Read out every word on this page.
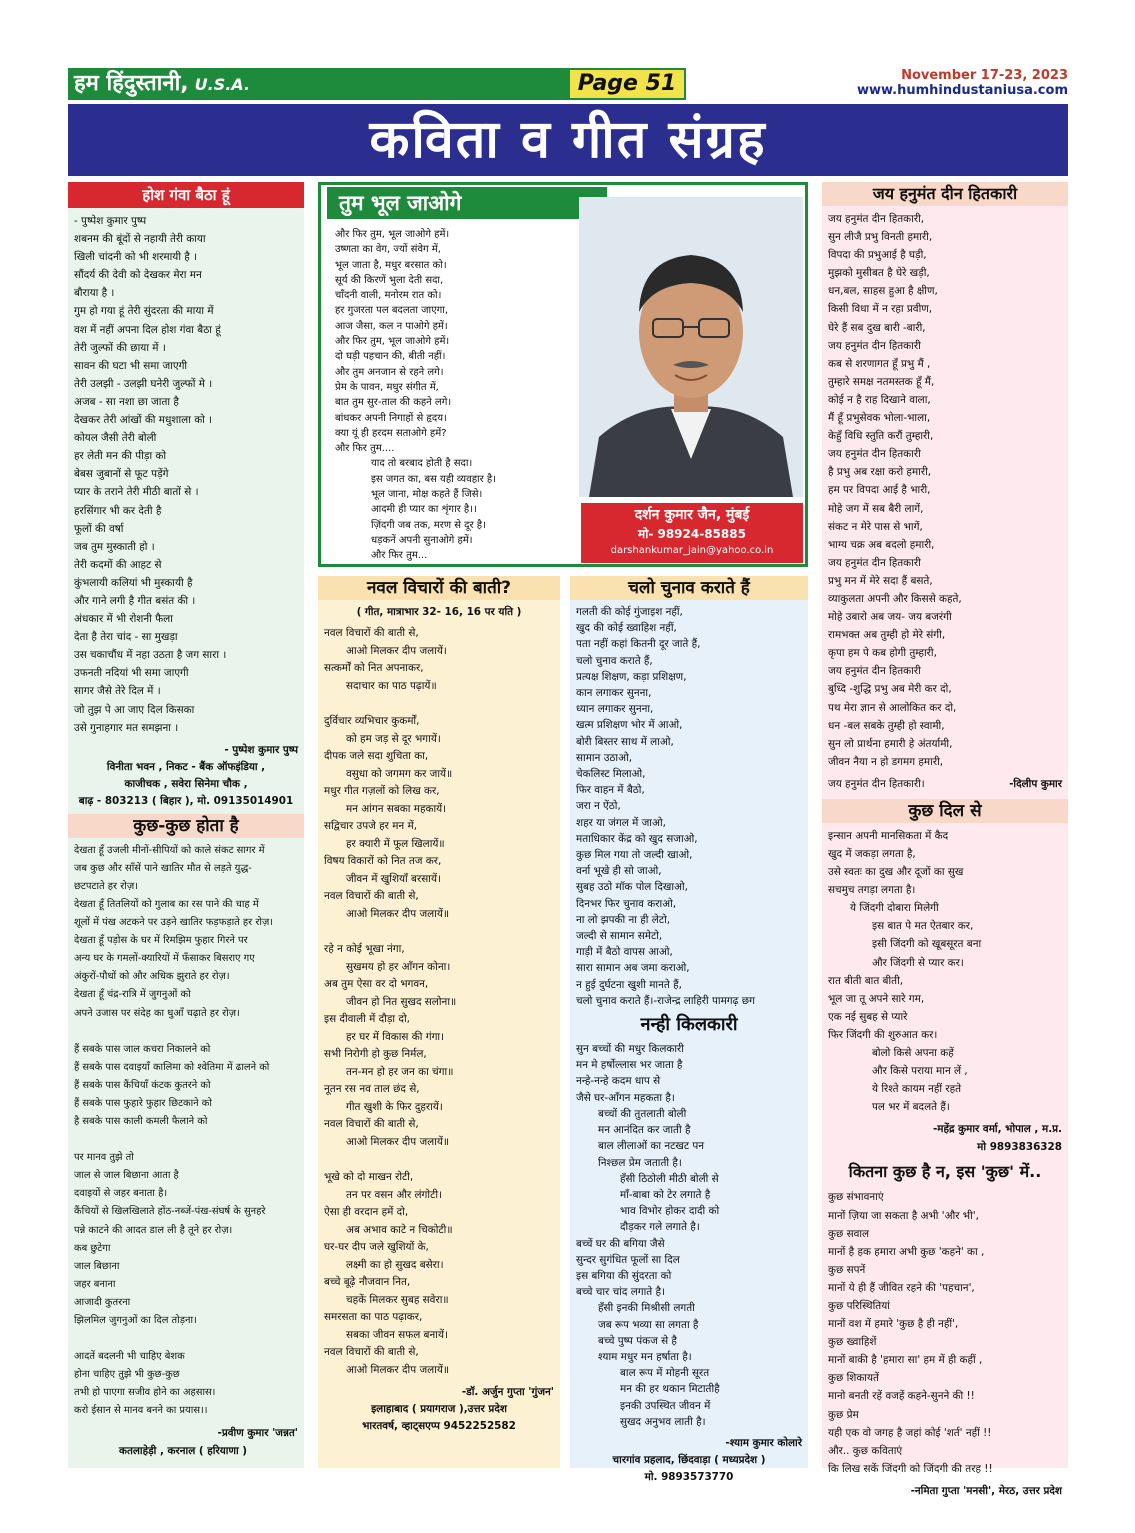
हम हिंदुस्तानी, U.S.A.	Page 51	November 17-23, 2023
www.humhindustaniusa.com
कविता व गीत संग्रह
होश गंवा बैठा हूं
- पुष्पेश कुमार पुष्प
शबनम की बूंदों से नहायी तेरी काया
खिली चांदनी को भी शरमायी है ।
सौंदर्य की देवी को देखकर मेरा मन
बौराया है ।
गुम हो गया हूं तेरी सुंदरता की माया में
वश में नहीं अपना दिल होश गंवा बैठा हूं
तेरी जुल्फों की छाया में ।
सावन की घटा भी समा जाएगी
तेरी उलझी - उलझी घनेरी जुल्फों मे ।
अजब - सा नशा छा जाता है
देखकर तेरी आंखों की मधुशाला को ।
कोयल जैसी तेरी बोली
हर लेती मन की पीड़ा को
बेबस जुबानों से फूट पड़ेंगे
प्यार के तराने तेरी मीठी बातों से ।
हरसिंगार भी कर देती है
फूलों की वर्षा
जब तुम मुस्काती हो ।
तेरी कदमों की आहट से
कुंभलायी कलियां भी मुस्कायी है
और गाने लगी है गीत बसंत की ।
अंधकार में भी रोशनी फैला
देता है तेरा चांद - सा मुखड़ा
उस चकाचौंध में नहा उठता है जग सारा ।
उफनती नदियां भी समा जाएगी
सागर जैसे तेरे दिल में ।
जो तुझ पे आ जाए दिल किसका
उसे गुनाहगार मत समझना ।
- पुष्पेश कुमार पुष्प
विनीता भवन , निकट - बैंक ऑफइंडिया ,
काजीचक , सवेरा सिनेमा चौक ,
बाढ़ - 803213 ( बिहार ), मो. 09135014901
कुछ-कुछ होता है
देखता हूँ उजली मीनों-सीपियों को काले संकट सागर में
जब कुछ और साँसें पाने खातिर मौत से लड़ते युद्ध-
छटपटाते हर रोज़।
देखता हूँ तितलियों को गुलाब का रस पाने की चाह में
शूलों में पंख अटकने पर उड़ने खातिर फड़फड़ाते हर रोज़।
देखता हूँ पड़ोस के घर में रिमझिम फुहार गिरने पर
अन्य घर के गमलों-क्यारियों में फँसाकर बिसराए गए
अंकुरों-पौधों को और अधिक झुराते हर रोज़।
देखता हूँ चंद्र-रात्रि में जुगनुओं को
अपने उजास पर संदेह का धुआँ चढ़ाते हर रोज़।
हैं सबके पास जाल कचरा निकालने को
हैं सबके पास दवाइयाँ कालिमा को श्वेतिमा में ढालने को
हैं सबके पास कैंचियाँ कंटक कुतरने को
हैं सबके पास फुहारे फुहार छिटकाने को
है सबके पास काली कमली फैलाने को
पर मानव तुझे तो
जाल से जाल बिछाना आता है
दवाइयों से जहर बनाता है।
कैंचियों से खिलखिलाते होंठ-नब्जें-पंख-संघर्ष के सुनहरे
पन्ने काटने की आदत डाल ली है तूने हर रोज़।
कब छुटेगा
जाल बिछाना
जहर बनाना
आजादी कुतरना
झिलमिल जुगनुओं का दिल तोड़ना।
आदतें बदलनी भी चाहिए बेशक
होना चाहिए तुझे भी कुछ-कुछ
तभी हो पाएगा सजीव होने का अहसास।
करो ईसान से मानव बनने का प्रयास।।
-प्रवीण कुमार 'जन्नत'
कतलाहेड़ी , करनाल ( हरियाणा )
तुम भूल जाओगे
और फिर तुम, भूल जाओगे हमें।
उष्णता का वेग, ज्यों संवेग में,
भूल जाता है, मधुर बरसात को।
सूर्य की किरणें भुला देती सदा,
चाँदनी वाली, मनोरम रात को।
हर गुजरता पल बदलता जाएगा,
आज जैसा, कल न पाओगे हमें।
और फिर तुम, भूल जाओगे हमें।
दो घड़ी पहचान की, बीती नहीं।
और तुम अनजान से रहने लगे।
प्रेम के पावन, मधुर संगीत में,
बात तुम सुर-ताल की कहने लगे।
बांधकर अपनी निगाहों से हृदय।
क्या यूं ही हरदम सताओगे हमें?
और फिर तुम....
याद तो बरबाद होती है सदा।
इस जगत का, बस यही व्यवहार है।
भूल जाना, मोक्ष कहते हैं जिसे।
आदमी ही प्यार का शृंगार है।।
ज़िंदगी जब तक, मरण से दूर है।
धड़कनें अपनी सुनाओगे हमें।
और फिर तुम...
दर्शन कुमार जैन, मुंबई
मो- 98924-85885
darshankumar_jain@yahoo.co.in
नवल विचारों की बाती?
( गीत, मात्राभार 32- 16, 16 पर यति )
नवल विचारों की बाती से,
आओ मिलकर दीप जलायें।
सत्कर्मों को नित अपनाकर,
सदाचार का पाठ पढ़ायें॥
दुर्विचार व्यभिचार कुकर्मों,
को हम जड़ से दूर भगायें।
दीपक जले सदा शुचिता का,
वसुधा को जगमग कर जायें॥
मधुर गीत गज़लों को लिख कर,
मन आंगन सबका महकायें।
सद्विचार उपजे हर मन में,
हर क्यारी में फूल खिलायें॥
विषय विकारों को नित तज कर,
जीवन में खुशियाँ बरसायें।
नवल विचारों की बाती से,
आओ मिलकर दीप जलायें॥
रहे न कोई भूखा नंगा,
सुखमय हो हर आँगन कोना।
अब तुम ऐसा वर दो भगवन,
जीवन हो नित सुखद सलोना॥
इस दीवाली में दौड़ा दो,
हर घर में विकास की गंगा।
सभी निरोगी हो कुछ निर्मल,
तन-मन हो हर जन का चंगा॥
नूतन रस नव ताल छंद से,
गीत खुशी के फिर दुहरायें।
नवल विचारों की बाती से,
आओ मिलकर दीप जलायें॥
भूखे को दो माखन रोटी,
तन पर वसन और लंगोटी।
ऐसा ही वरदान हमें दो,
अब अभाव काटे न चिकोटी॥
घर-घर दीप जले खुशियों के,
लक्ष्मी का हो सुखद बसेरा।
बच्चे बूढ़े नौजवान नित,
चहकें मिलकर सुबह सवेरा॥
समरसता का पाठ पढ़ाकर,
सबका जीवन सफल बनायें।
नवल विचारों की बाती से,
आओ मिलकर दीप जलायें॥
-डॉ. अर्जुन गुप्ता 'गुंजन'
इलाहाबाद ( प्रयागराज ),उत्तर प्रदेश
भारतवर्ष, व्हाट्सएप्प 9452252582
चलो चुनाव कराते हैं
गलती की कोई गुंजाइश नहीं,
खुद की कोई ख्वाहिश नहीं,
पता नहीं कहां कितनी दूर जाते हैं,
चलो चुनाव कराते हैं,
प्रत्यक्ष शिक्षण, कड़ा प्रशिक्षण,
कान लगाकर सुनना,
ध्यान लगाकर सुनना,
खत्म प्रशिक्षण भोर में आओ,
बोरी बिस्तर साथ में लाओ,
सामान उठाओ,
चेकलिस्ट मिलाओ,
फिर वाहन में बैठो,
जरा न ऐंठो,
शहर या जंगल में जाओ,
मताधिकार केंद्र को खुद सजाओ,
कुछ मिल गया तो जल्दी खाओ,
वर्ना भूखे ही सो जाओ,
सुबह उठो मॉक पोल दिखाओ,
दिनभर फिर चुनाव कराओ,
ना लो झपकी ना ही लेटो,
जल्दी से सामान समेटो,
गाड़ी में बैठो वापस आओ,
सारा सामान अब जमा कराओ,
न हुई दुर्घटना खुशी मानते हैं,
चलो चुनाव कराते हैं।-राजेन्द्र लाहिरी पामगढ़ छग
नन्ही किलकारी
सुन बच्चों की मधुर किलकारी
मन मे हर्षोल्लास भर जाता है
नन्हे-नन्हे कदम धाप से
जैसे घर-आँगन महकता है।
बच्चों की तुतलाती बोली
मन आनंदित कर जाती है
बाल लीलाओं का नटखट पन
निश्छल प्रेम जताती है।
हँसी ठिठोली मीठी बोली से
माँ-बाबा को टेर लगाते है
भाव विभोर होकर दादी को
दौड़कर गले लगाते है।
बच्चें घर की बगिया जैसे
सुन्दर सुगंधित फूलों सा दिल
इस बगिया की सुंदरता को
बच्चे चार चांद लगाते है।
हँसी इनकी मिश्रीसी लगती
जब रूप भव्या सा लगता है
बच्चे पुष्प पंकज से है
श्याम मधुर मन हर्षाता है।
बाल रूप में मोहनी सूरत
मन की हर थकान मिटातीहै
इनकी उपस्थित जीवन में
सुखद अनुभव लाती है।
-श्याम कुमार कोलारे
चारगांव प्रहलाद, छिंदवाड़ा ( मध्यप्रदेश )
मो. 9893573770
जय हनुमंत दीन हितकारी
जय हनुमंत दीन हितकारी,
सुन लीजै प्रभु विनती हमारी,
विपदा की प्रभुआई है घड़ी,
मुझको मुसीबत है घेरे खड़ी,
धन,बल, साहस हुआ है क्षीण,
किसी विधा में न रहा प्रवीण,
घेरे हैं सब दुख बारी -बारी,
जय हनुमंत दीन हितकारी
कब से शरणागत हूँ प्रभु मैं ,
तुम्हारे समक्ष नतमस्तक हूँ मैं,
कोई न है राह दिखाने वाला,
मैं हूँ प्रभुसेवक भोला-भाला,
केहुँ विधि स्तुति करौं तुम्हारी,
जय हनुमंत दीन हितकारी
है प्रभु अब रक्षा करो हमारी,
हम पर विपदा आई है भारी,
मोहे जग में सब बैरी लागें,
संकट न मेरे पास से भागें,
भाग्य चक्र अब बदलो हमारी,
जय हनुमंत दीन हितकारी
प्रभु मन में मेरे सदा हैं बसते,
व्याकुलता अपनी और किससे कहते,
मोहे उबारो अब जय- जय बजरंगी
रामभक्त अब तुम्ही हो मेरे संगी,
कृपा हम पे कब होगी तुम्हारी,
जय हनुमंत दीन हितकारी
बुध्दि -शुद्धि प्रभु अब मेरी कर दो,
पथ मेरा ज्ञान से आलोकित कर दो,
धन -बल सबके तुम्ही हो स्वामी,
सुन लो प्रार्थना हमारी हे अंतर्यामी,
जीवन नैया न हो डगमग हमारी,
जय हनुमंत दीन हितकारी।	-दिलीप कुमार
कुछ दिल से
इन्सान अपनी मानसिकता में कैद
खुद में जकड़ा लगता है,
उसे स्वतः का दुख और दूजों का सुख
सचमुच तगड़ा लगता है।
ये जिंदगी दोबारा मिलेगी
इस बात पे मत ऐतबार कर,
इसी जिंदगी को खूबसूरत बना
और जिंदगी से प्यार कर।
रात बीती बात बीती,
भूल जा तू अपने सारे गम,
एक नई सुबह से प्यारे
फिर जिंदगी की शुरुआत कर।
बोलो किसे अपना कहें
और किसे पराया मान लें ,
ये रिश्ते कायम नहीं रहते
पल भर में बदलते हैं।
-महेंद्र कुमार वर्मा, भोपाल , म.प्र.
मो 9893836328
कितना कुछ है न, इस 'कुछ' में..
कुछ संभावनाएं
मानों ज़िया जा सकता है अभी 'और भी',
कुछ सवाल
मानों है हक हमारा अभी कुछ 'कहने' का ,
कुछ सपनें
मानों ये ही हैं जीवित रहने की 'पहचान',
कुछ परिस्थितियां
मानों वश में हमारे 'कुछ है ही नहीं',
कुछ ख्वाहिशें
मानों बाकी है 'हमारा सा' हम में ही कहीं ,
कुछ शिकायतें
मानो बनती रहें वजहें कहने-सुनने की !!
कुछ प्रेम
यही एक वो जगह है जहां कोई 'शर्त' नहीं !!
और.. कुछ कविताएं
कि लिख सकें जिंदगी को जिंदगी की तरह !!
-नमिता गुप्ता 'मनसी', मेरठ, उत्तर प्रदेश
